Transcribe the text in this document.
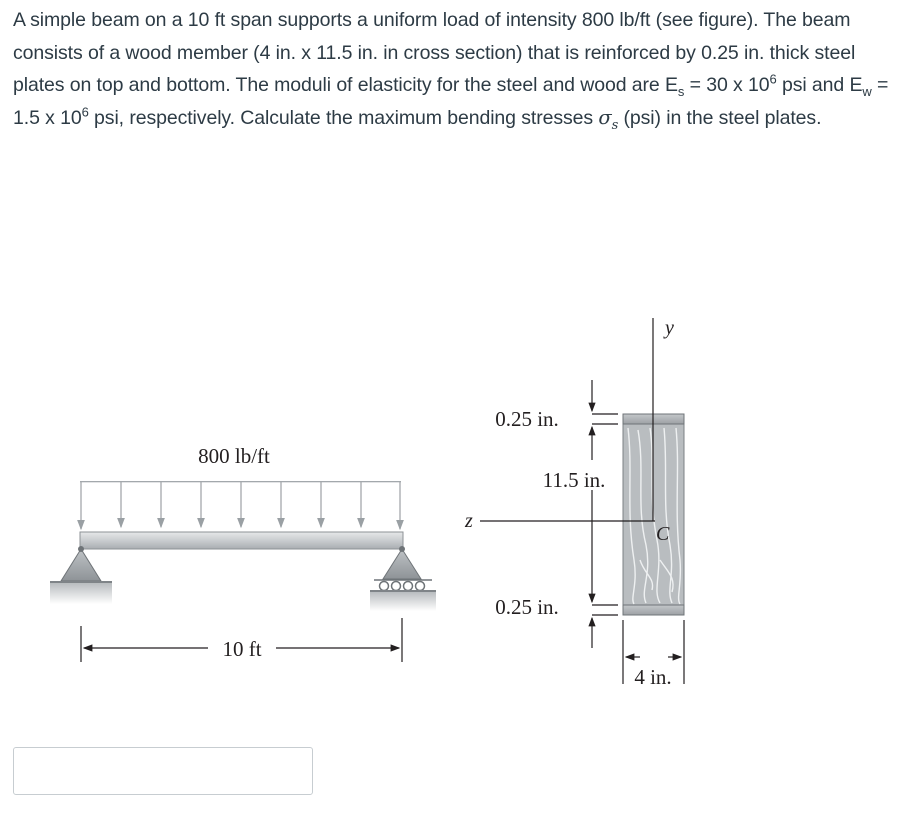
A simple beam on a 10 ft span supports a uniform load of intensity 800 lb/ft (see figure). The beam consists of a wood member (4 in. x 11.5 in. in cross section) that is reinforced by 0.25 in. thick steel plates on top and bottom. The moduli of elasticity for the steel and wood are $E_s = 30$ x $10^6$ psi and $E_w = 1.5$ x $10^6$ psi, respectively. Calculate the maximum bending stresses $\sigma_s$ (psi) in the steel plates.

800 lb/ft
10 ft
y
z
C
0.25 in.
11.5 in.
0.25 in.
4 in.
